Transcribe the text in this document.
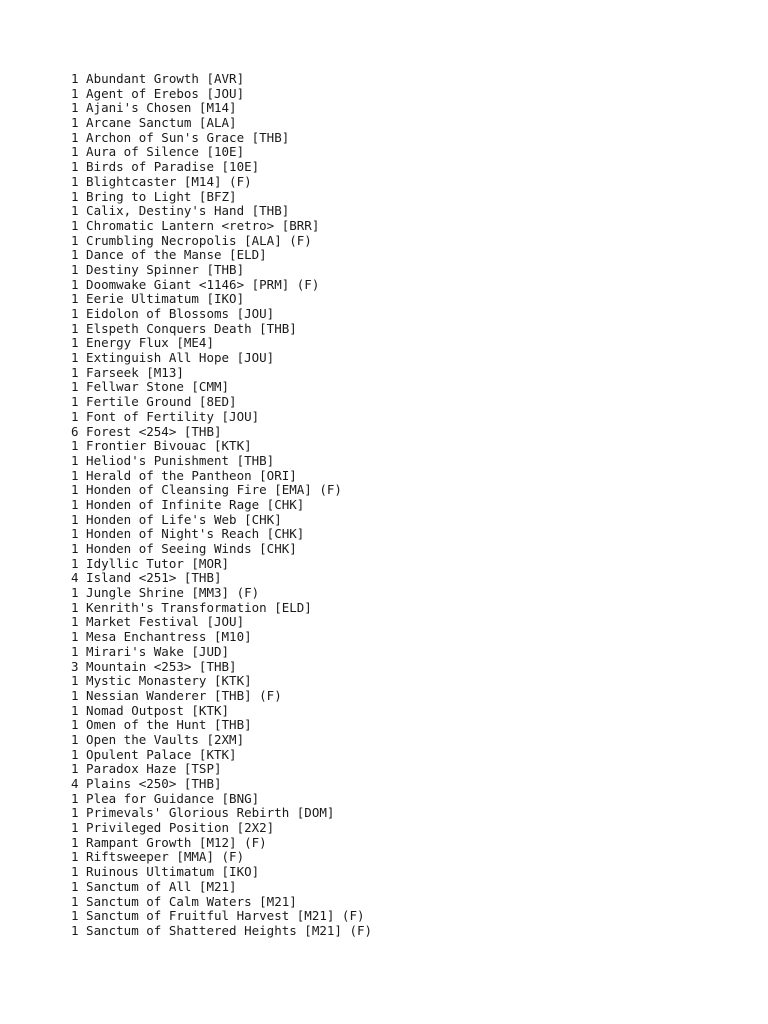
1 Abundant Growth [AVR]
1 Agent of Erebos [JOU]
1 Ajani's Chosen [M14]
1 Arcane Sanctum [ALA]
1 Archon of Sun's Grace [THB]
1 Aura of Silence [10E]
1 Birds of Paradise [10E]
1 Blightcaster [M14] (F)
1 Bring to Light [BFZ]
1 Calix, Destiny's Hand [THB]
1 Chromatic Lantern <retro> [BRR]
1 Crumbling Necropolis [ALA] (F)
1 Dance of the Manse [ELD]
1 Destiny Spinner [THB]
1 Doomwake Giant <1146> [PRM] (F)
1 Eerie Ultimatum [IKO]
1 Eidolon of Blossoms [JOU]
1 Elspeth Conquers Death [THB]
1 Energy Flux [ME4]
1 Extinguish All Hope [JOU]
1 Farseek [M13]
1 Fellwar Stone [CMM]
1 Fertile Ground [8ED]
1 Font of Fertility [JOU]
6 Forest <254> [THB]
1 Frontier Bivouac [KTK]
1 Heliod's Punishment [THB]
1 Herald of the Pantheon [ORI]
1 Honden of Cleansing Fire [EMA] (F)
1 Honden of Infinite Rage [CHK]
1 Honden of Life's Web [CHK]
1 Honden of Night's Reach [CHK]
1 Honden of Seeing Winds [CHK]
1 Idyllic Tutor [MOR]
4 Island <251> [THB]
1 Jungle Shrine [MM3] (F)
1 Kenrith's Transformation [ELD]
1 Market Festival [JOU]
1 Mesa Enchantress [M10]
1 Mirari's Wake [JUD]
3 Mountain <253> [THB]
1 Mystic Monastery [KTK]
1 Nessian Wanderer [THB] (F)
1 Nomad Outpost [KTK]
1 Omen of the Hunt [THB]
1 Open the Vaults [2XM]
1 Opulent Palace [KTK]
1 Paradox Haze [TSP]
4 Plains <250> [THB]
1 Plea for Guidance [BNG]
1 Primevals' Glorious Rebirth [DOM]
1 Privileged Position [2X2]
1 Rampant Growth [M12] (F)
1 Riftsweeper [MMA] (F)
1 Ruinous Ultimatum [IKO]
1 Sanctum of All [M21]
1 Sanctum of Calm Waters [M21]
1 Sanctum of Fruitful Harvest [M21] (F)
1 Sanctum of Shattered Heights [M21] (F)
